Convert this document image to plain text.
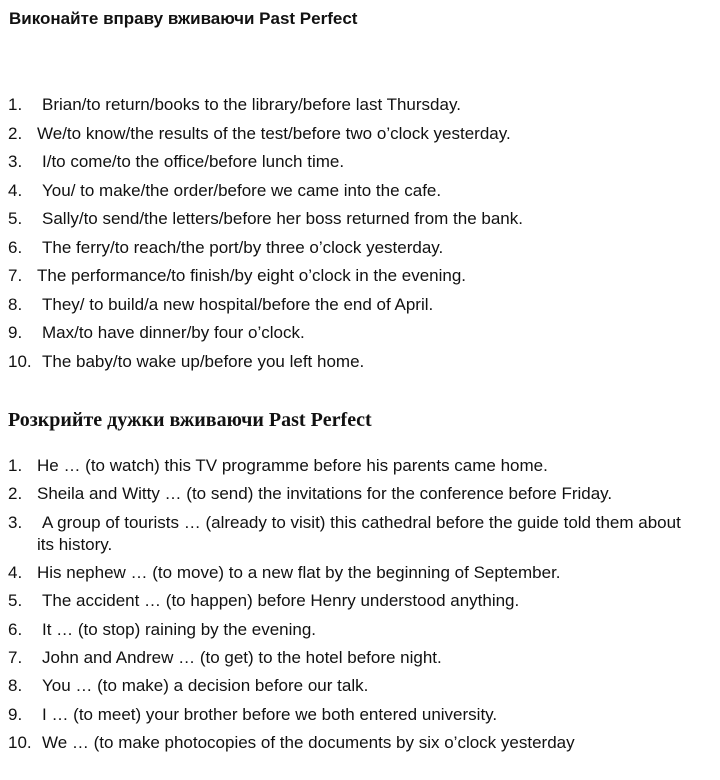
Виконайте вправу вживаючи Past Perfect
1. Brian/to return/books to the library/before last Thursday.
2. We/to know/the results of the test/before two o’clock yesterday.
3. I/to come/to the office/before lunch time.
4. You/ to make/the order/before we came into the cafe.
5. Sally/to send/the letters/before her boss returned from the bank.
6. The ferry/to reach/the port/by three o’clock yesterday.
7. The performance/to finish/by eight o’clock in the evening.
8. They/ to build/a new hospital/before the end of April.
9. Max/to have dinner/by four o’clock.
10. The baby/to wake up/before you left home.
Розкрийте дужки вживаючи Past Perfect
1. He … (to watch) this TV programme before his parents came home.
2. Sheila and Witty … (to send) the invitations for the conference before Friday.
3. A group of tourists … (already to visit) this cathedral before the guide told them about its history.
4. His nephew … (to move) to a new flat by the beginning of September.
5. The accident … (to happen) before Henry understood anything.
6. It … (to stop) raining by the evening.
7. John and Andrew … (to get) to the hotel before night.
8. You … (to make) a decision before our talk.
9. I … (to meet) your brother before we both entered university.
10. We … (to make photocopies of the documents by six o’clock yesterday
